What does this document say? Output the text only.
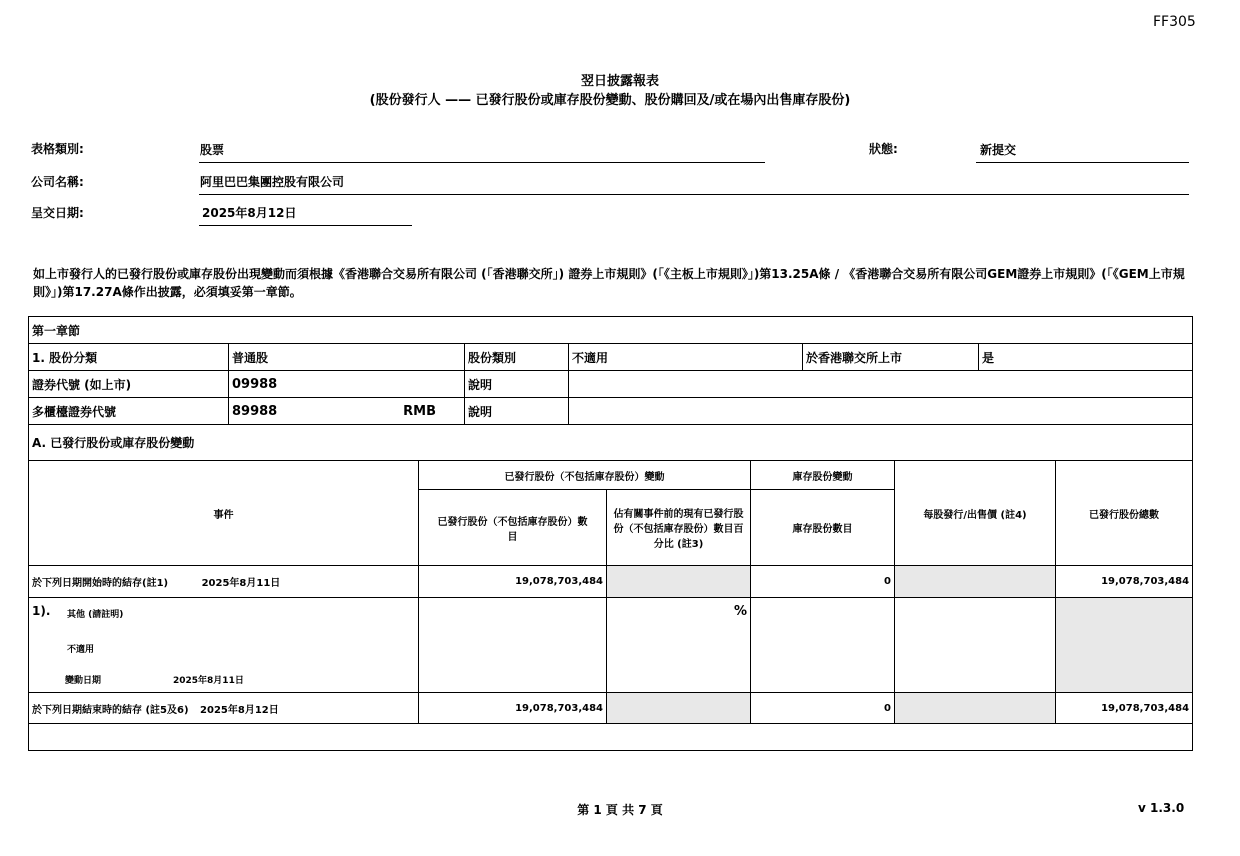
FF305
翌日披露報表
(股份發行人 —— 已發行股份或庫存股份變動、股份購回及/或在場內出售庫存股份)
表格類別:	股票	狀態:	新提交
公司名稱:	阿里巴巴集團控股有限公司
呈交日期:	2025年8月12日
如上市發行人的已發行股份或庫存股份出現變動而須根據《香港聯合交易所有限公司 (「香港聯交所」) 證券上市規則》(「《主板上市規則》」)第13.25A條 / 《香港聯合交易所有限公司GEM證券上市規則》(「《GEM上市規則》」)第17.27A條作出披露，必須填妥第一章節。
第一章節					
1. 股份分類	普通股	股份類別	不適用	於香港聯交所上市	是
證券代號 (如上市)	09988	說明			
多櫃檯證券代號	89988 RMB	說明			
A. 已發行股份或庫存股份變動					
事件	已發行股份（不包括庫存股份）變動		庫存股份變動	每股發行/出售價 (註4)	已發行股份總數
	已發行股份（不包括庫存股份）數目	佔有關事件前的現有已發行股份（不包括庫存股份）數目百分比 (註3)	庫存股份數目		
於下列日期開始時的結存(註1) 2025年8月11日	19,078,703,484		0		19,078,703,484

1). 其他 (請註明)
不適用
變動日期 2025年8月11日		%			
於下列日期結束時的結存 (註5及6) 2025年8月12日	19,078,703,484		0		19,078,703,484

第 1 頁 共 7 頁	v 1.3.0
